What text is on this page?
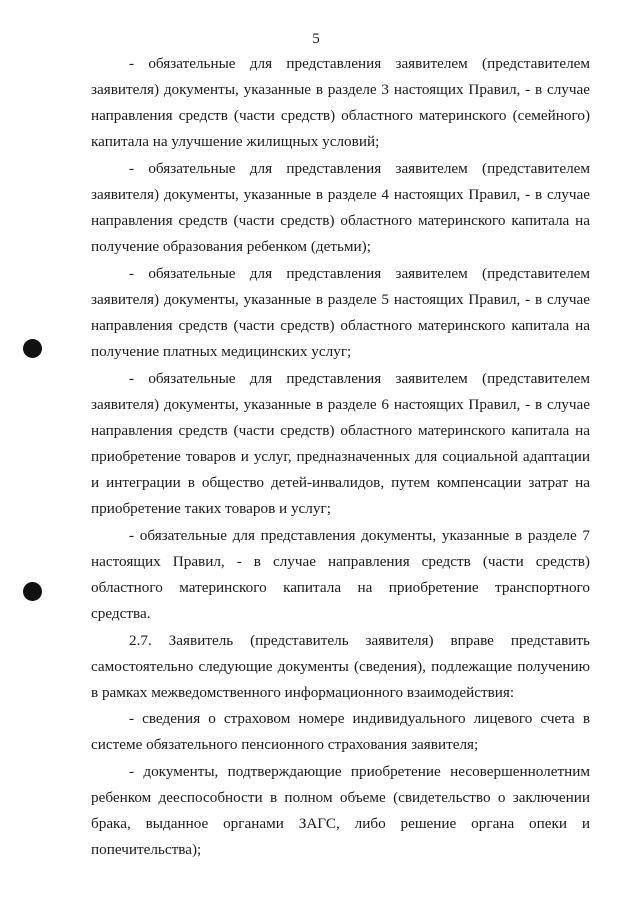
5

- обязательные для представления заявителем (представителем заявителя) документы, указанные в разделе 3 настоящих Правил, - в случае направления средств (части средств) областного материнского (семейного) капитала на улучшение жилищных условий;

- обязательные для представления заявителем (представителем заявителя) документы, указанные в разделе 4 настоящих Правил, - в случае направления средств (части средств) областного материнского капитала на получение образования ребенком (детьми);

- обязательные для представления заявителем (представителем заявителя) документы, указанные в разделе 5 настоящих Правил, - в случае направления средств (части средств) областного материнского капитала на получение платных медицинских услуг;

- обязательные для представления заявителем (представителем заявителя) документы, указанные в разделе 6 настоящих Правил, - в случае направления средств (части средств) областного материнского капитала на приобретение товаров и услуг, предназначенных для социальной адаптации и интеграции в общество детей-инвалидов, путем компенсации затрат на приобретение таких товаров и услуг;

- обязательные для представления документы, указанные в разделе 7 настоящих Правил, - в случае направления средств (части средств) областного материнского капитала на приобретение транспортного средства.

2.7. Заявитель (представитель заявителя) вправе представить самостоятельно следующие документы (сведения), подлежащие получению в рамках межведомственного информационного взаимодействия:

- сведения о страховом номере индивидуального лицевого счета в системе обязательного пенсионного страхования заявителя;

- документы, подтверждающие приобретение несовершеннолетним ребенком дееспособности в полном объеме (свидетельство о заключении брака, выданное органами ЗАГС, либо решение органа опеки и попечительства);
